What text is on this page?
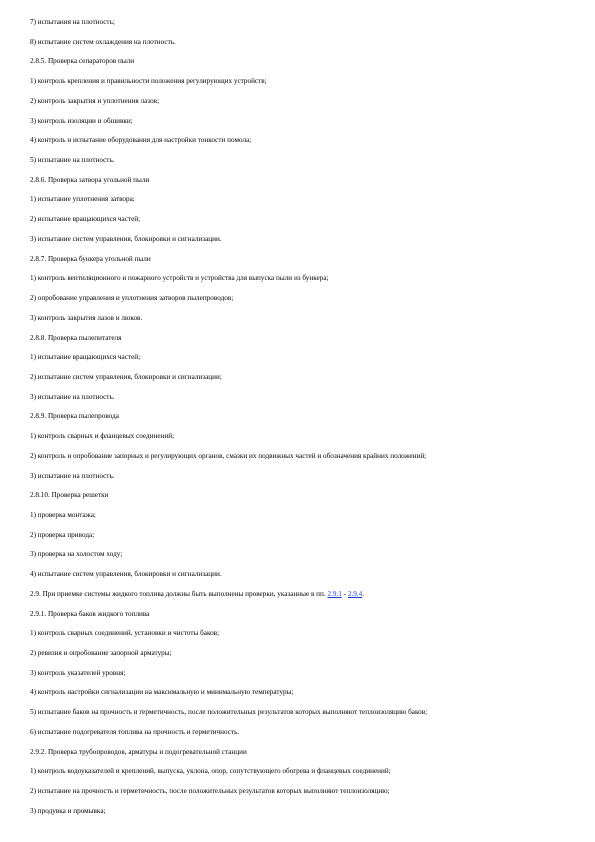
7) испытания на плотность;
8) испытание систем охлаждения на плотность.
2.8.5. Проверка сепараторов пыли
1) контроль крепления и правильности положения регулирующих устройств;
2) контроль закрытия и уплотнения лазов;
3) контроль изоляции и обшивки;
4) контроль и испытание оборудования для настройки тонкости помола;
5) испытание на плотность.
2.8.6. Проверка затвора угольной пыли
1) испытание уплотнения затвора;
2) испытание вращающихся частей;
3) испытание систем управления, блокировки и сигнализации.
2.8.7. Проверка бункера угольной пыли
1) контроль вентиляционного и пожарного устройств и устройства для выпуска пыли из бункера;
2) опробование управления и уплотнения затворов пылепроводов;
3) контроль закрытия лазов и люков.
2.8.8. Проверка пылепитателя
1) испытание вращающихся частей;
2) испытание систем управления, блокировки и сигнализации;
3) испытание на плотность.
2.8.9. Проверка пылепровода
1) контроль сварных и фланцевых соединений;
2) контроль и опробование запорных и регулирующих органов, смазки их подвижных частей и обозначения крайних положений;
3) испытание на плотность.
2.8.10. Проверка решетки
1) проверка монтажа;
2) проверка привода;
3) проверка на холостом ходу;
4) испытание систем управления, блокировки и сигнализации.
2.9. При приемке системы жидкого топлива должны быть выполнены проверки, указанные в пп. 2.9.1 - 2.9.4.
2.9.1. Проверка баков жидкого топлива
1) контроль сварных соединений, установки и чистоты баков;
2) ревизия и опробование запорной арматуры;
3) контроль указателей уровня;
4) контроль настройки сигнализации на максимальную и минимальную температуры;
5) испытание баков на прочность и герметичность, после положительных результатов которых выполняют теплоизоляцию баков;
6) испытание подогревателя топлива на прочность и герметичность.
2.9.2. Проверка трубопроводов, арматуры и подогревательной станции
1) контроль водоуказателей и креплений, выпуска, уклона, опор, сопутствующего обогрева и фланцевых соединений;
2) испытание на прочность и герметичность, после положительных результатов которых выполняют теплоизоляцию;
3) продувка и промывка;
